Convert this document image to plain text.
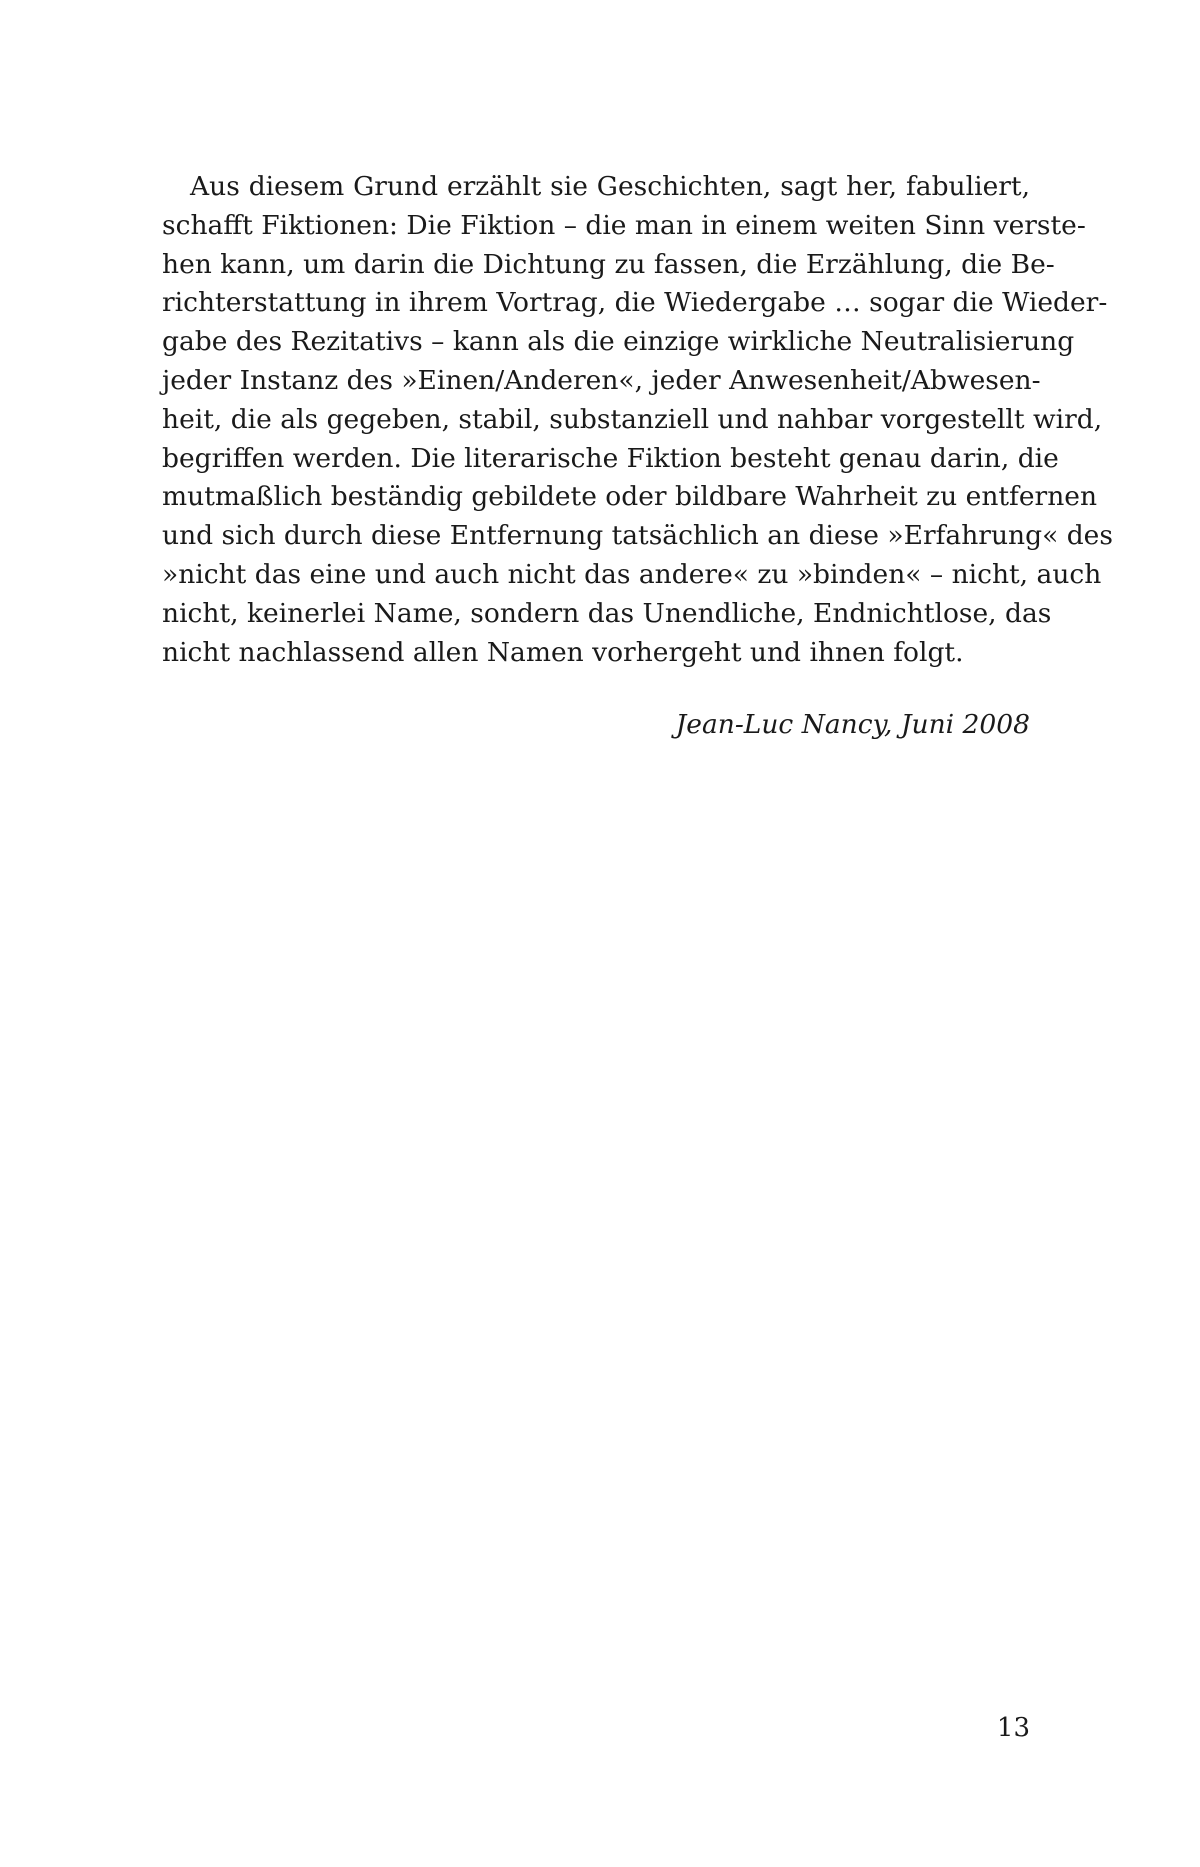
Aus diesem Grund erzählt sie Geschichten, sagt her, fabuliert,
schafft Fiktionen: Die Fiktion – die man in einem weiten Sinn verste-
hen kann, um darin die Dichtung zu fassen, die Erzählung, die Be-
richterstattung in ihrem Vortrag, die Wiedergabe … sogar die Wieder-
gabe des Rezitativs – kann als die einzige wirkliche Neutralisierung
jeder Instanz des »Einen/Anderen«, jeder Anwesenheit/Abwesen-
heit, die als gegeben, stabil, substanziell und nahbar vorgestellt wird,
begriffen werden. Die literarische Fiktion besteht genau darin, die
mutmaßlich beständig gebildete oder bildbare Wahrheit zu entfernen
und sich durch diese Entfernung tatsächlich an diese »Erfahrung« des
»nicht das eine und auch nicht das andere« zu »binden« – nicht, auch
nicht, keinerlei Name, sondern das Unendliche, Endnichtlose, das
nicht nachlassend allen Namen vorhergeht und ihnen folgt.
Jean-Luc Nancy, Juni 2008
13
